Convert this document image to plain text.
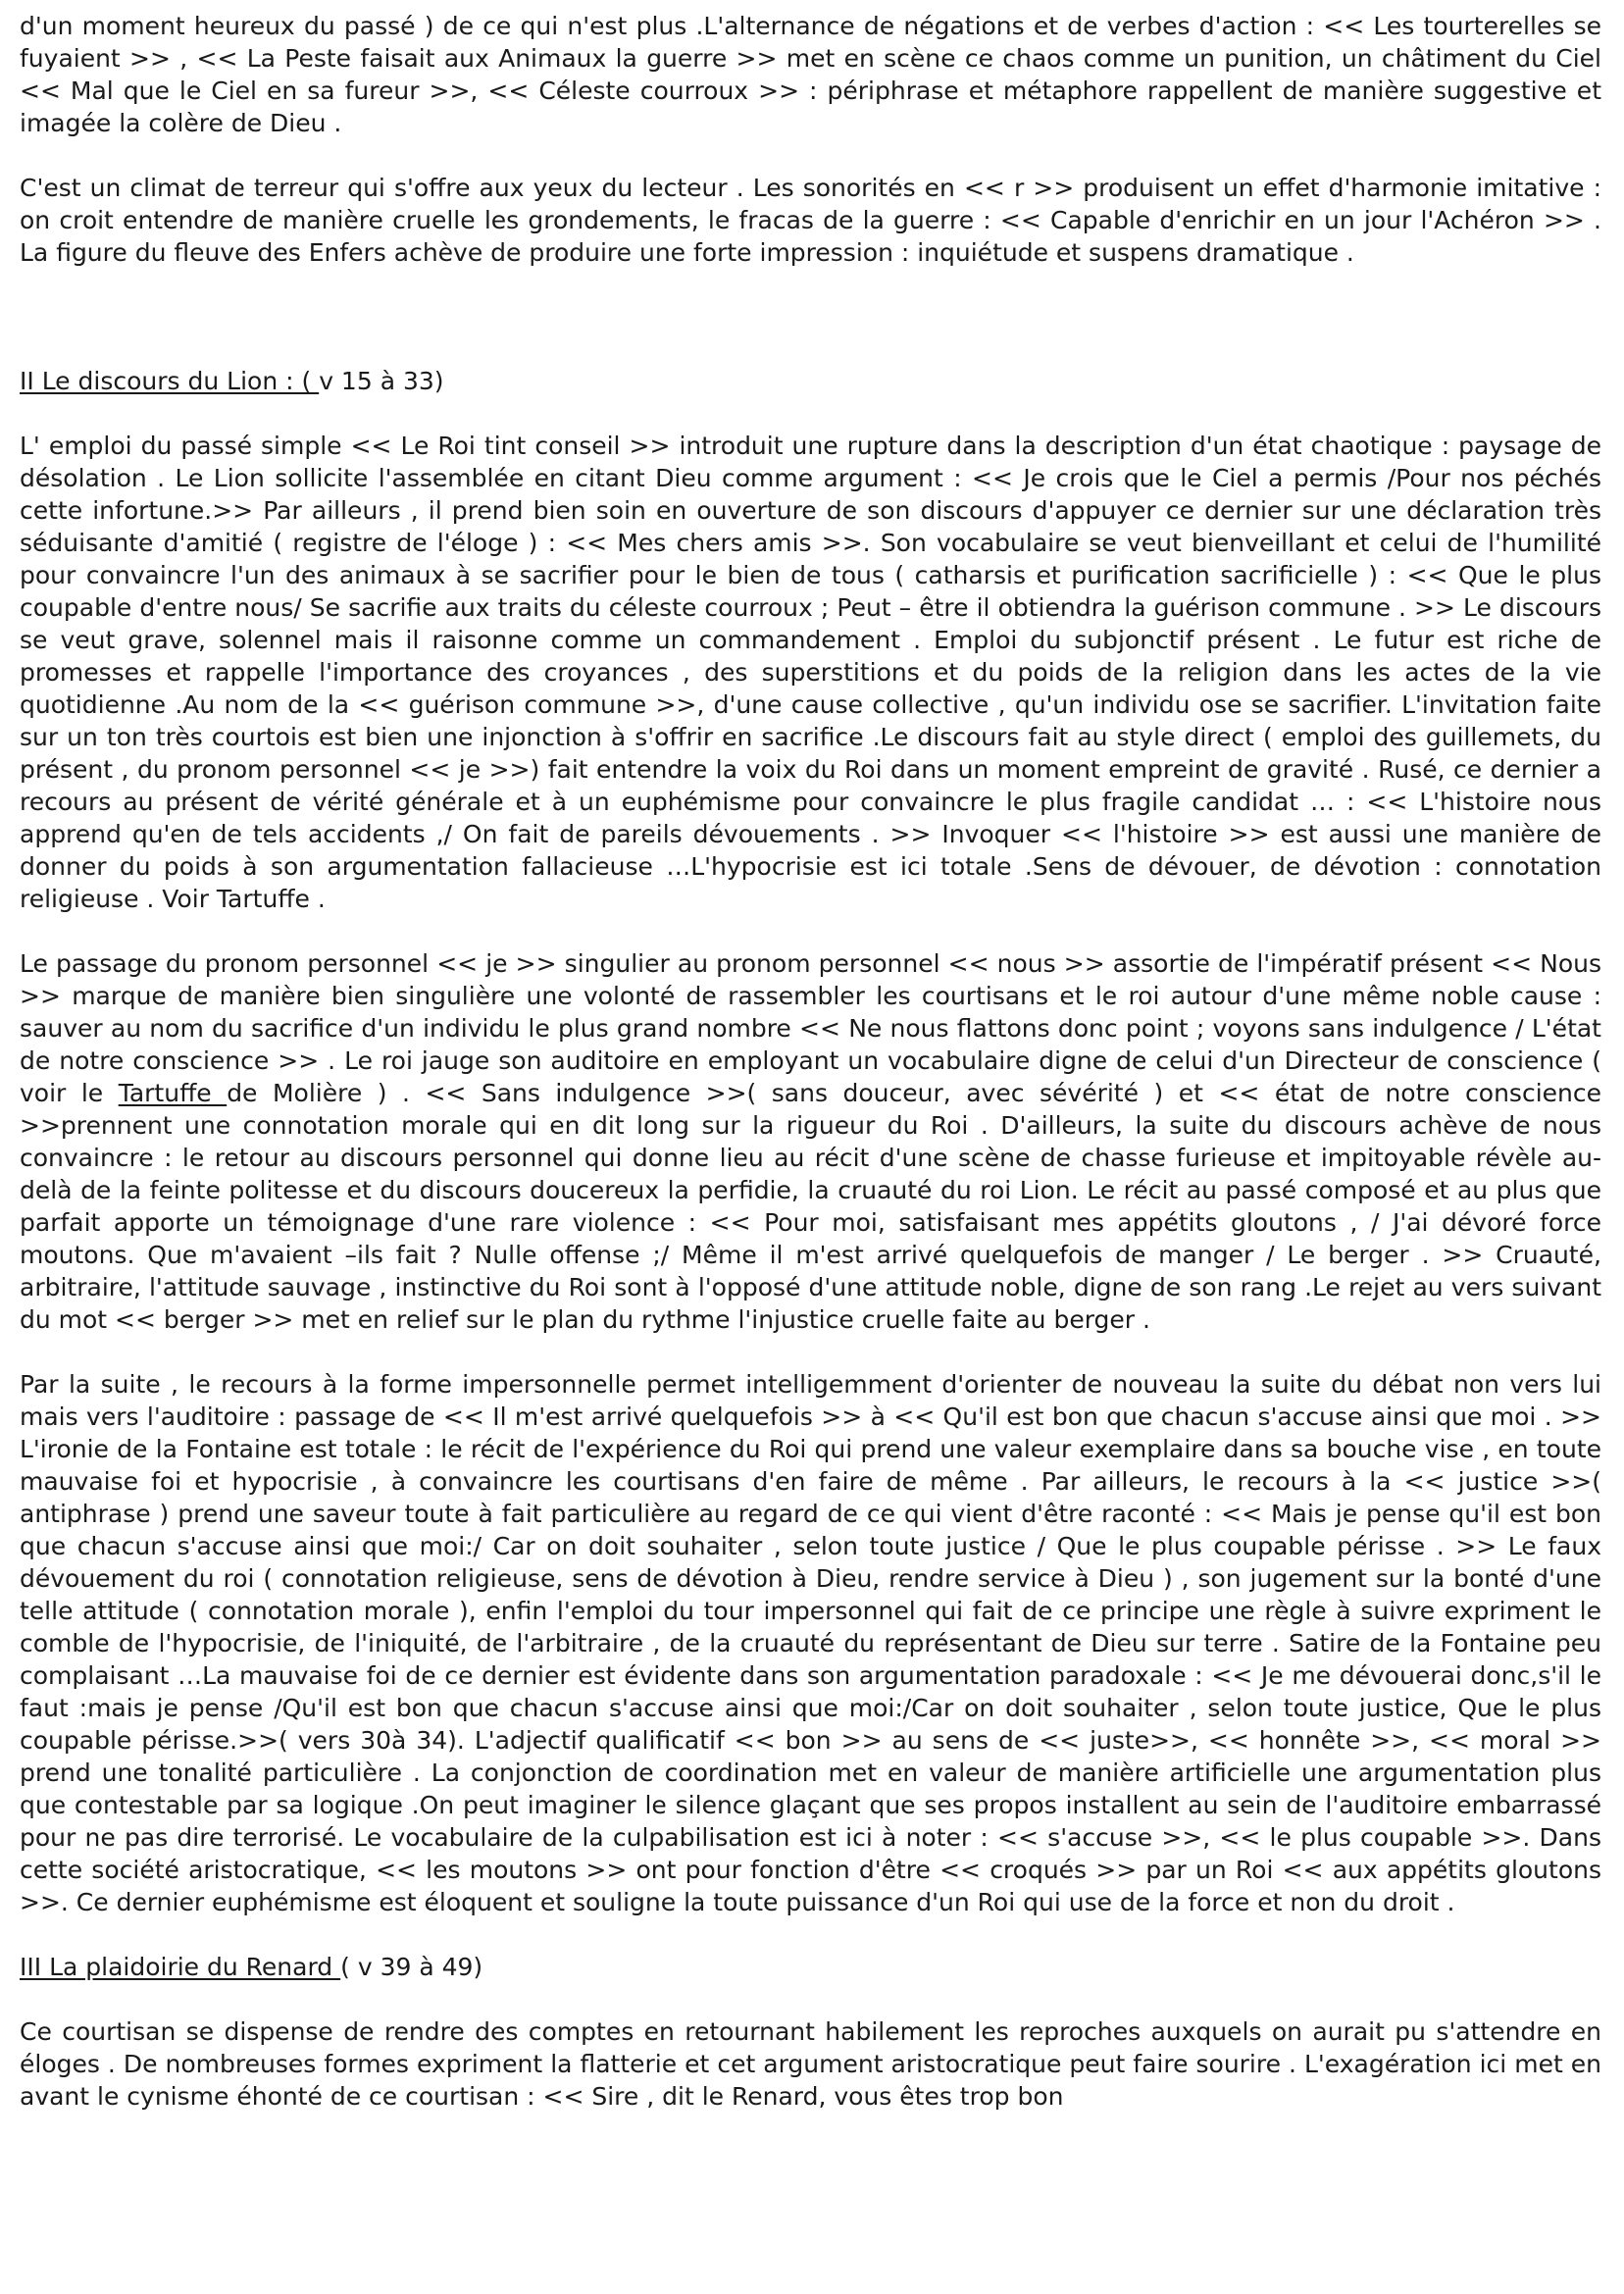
d'un moment heureux du passé ) de ce qui n'est plus .L'alternance de négations et de verbes d'action : << Les tourterelles se fuyaient >> , << La Peste faisait aux Animaux la guerre >> met en scène ce chaos comme un punition, un châtiment du Ciel << Mal que le Ciel en sa fureur >>, << Céleste courroux >> : périphrase et métaphore rappellent de manière suggestive et imagée la colère de Dieu .

C'est un climat de terreur qui s'offre aux yeux du lecteur . Les sonorités en << r >> produisent un effet d'harmonie imitative : on croit entendre de manière cruelle les grondements, le fracas de la guerre : << Capable d'enrichir en un jour l'Achéron >> . La figure du fleuve des Enfers achève de produire une forte impression : inquiétude et suspens dramatique .

II Le discours du Lion : ( v 15 à 33)

L' emploi du passé simple << Le Roi tint conseil >> introduit une rupture dans la description d'un état chaotique : paysage de désolation . Le Lion sollicite l'assemblée en citant Dieu comme argument : << Je crois que le Ciel a permis /Pour nos péchés cette infortune.>> Par ailleurs , il prend bien soin en ouverture de son discours d'appuyer ce dernier sur une déclaration très séduisante d'amitié ( registre de l'éloge ) : << Mes chers amis >>. Son vocabulaire se veut bienveillant et celui de l'humilité pour convaincre l'un des animaux à se sacrifier pour le bien de tous ( catharsis et purification sacrificielle ) : << Que le plus coupable d'entre nous/ Se sacrifie aux traits du céleste courroux ; Peut – être il obtiendra la guérison commune . >> Le discours se veut grave, solennel mais il raisonne comme un commandement . Emploi du subjonctif présent . Le futur est riche de promesses et rappelle l'importance des croyances , des superstitions et du poids de la religion dans les actes de la vie quotidienne .Au nom de la << guérison commune >>, d'une cause collective , qu'un individu ose se sacrifier. L'invitation faite sur un ton très courtois est bien une injonction à s'offrir en sacrifice .Le discours fait au style direct ( emploi des guillemets, du présent , du pronom personnel << je >>) fait entendre la voix du Roi dans un moment empreint de gravité . Rusé, ce dernier a recours au présent de vérité générale et à un euphémisme pour convaincre le plus fragile candidat … : << L'histoire nous apprend qu'en de tels accidents ,/ On fait de pareils dévouements . >> Invoquer << l'histoire >> est aussi une manière de donner du poids à son argumentation fallacieuse …L'hypocrisie est ici totale .Sens de dévouer, de dévotion : connotation religieuse . Voir Tartuffe .

Le passage du pronom personnel << je >> singulier au pronom personnel << nous >> assortie de l'impératif présent << Nous >> marque de manière bien singulière une volonté de rassembler les courtisans et le roi autour d'une même noble cause : sauver au nom du sacrifice d'un individu le plus grand nombre << Ne nous flattons donc point ; voyons sans indulgence / L'état de notre conscience >> . Le roi jauge son auditoire en employant un vocabulaire digne de celui d'un Directeur de conscience ( voir le Tartuffe de Molière ) . << Sans indulgence >>( sans douceur, avec sévérité ) et << état de notre conscience >>prennent une connotation morale qui en dit long sur la rigueur du Roi . D'ailleurs, la suite du discours achève de nous convaincre : le retour au discours personnel qui donne lieu au récit d'une scène de chasse furieuse et impitoyable révèle au-delà de la feinte politesse et du discours doucereux la perfidie, la cruauté du roi Lion. Le récit au passé composé et au plus que parfait apporte un témoignage d'une rare violence : << Pour moi, satisfaisant mes appétits gloutons , / J'ai dévoré force moutons. Que m'avaient –ils fait ? Nulle offense ;/ Même il m'est arrivé quelquefois de manger / Le berger . >> Cruauté, arbitraire, l'attitude sauvage , instinctive du Roi sont à l'opposé d'une attitude noble, digne de son rang .Le rejet au vers suivant du mot << berger >> met en relief sur le plan du rythme l'injustice cruelle faite au berger .

Par la suite , le recours à la forme impersonnelle permet intelligemment d'orienter de nouveau la suite du débat non vers lui mais vers l'auditoire : passage de << Il m'est arrivé quelquefois >> à << Qu'il est bon que chacun s'accuse ainsi que moi . >> L'ironie de la Fontaine est totale : le récit de l'expérience du Roi qui prend une valeur exemplaire dans sa bouche vise , en toute mauvaise foi et hypocrisie , à convaincre les courtisans d'en faire de même . Par ailleurs, le recours à la << justice >>( antiphrase ) prend une saveur toute à fait particulière au regard de ce qui vient d'être raconté : << Mais je pense qu'il est bon que chacun s'accuse ainsi que moi:/ Car on doit souhaiter , selon toute justice / Que le plus coupable périsse . >> Le faux dévouement du roi ( connotation religieuse, sens de dévotion à Dieu, rendre service à Dieu ) , son jugement sur la bonté d'une telle attitude ( connotation morale ), enfin l'emploi du tour impersonnel qui fait de ce principe une règle à suivre expriment le comble de l'hypocrisie, de l'iniquité, de l'arbitraire , de la cruauté du représentant de Dieu sur terre . Satire de la Fontaine peu complaisant …La mauvaise foi de ce dernier est évidente dans son argumentation paradoxale : << Je me dévouerai donc,s'il le faut :mais je pense /Qu'il est bon que chacun s'accuse ainsi que moi:/Car on doit souhaiter , selon toute justice, Que le plus coupable périsse.>>( vers 30à 34). L'adjectif qualificatif << bon >> au sens de << juste>>, << honnête >>, << moral >> prend une tonalité particulière . La conjonction de coordination met en valeur de manière artificielle une argumentation plus que contestable par sa logique .On peut imaginer le silence glaçant que ses propos installent au sein de l'auditoire embarrassé pour ne pas dire terrorisé. Le vocabulaire de la culpabilisation est ici à noter : << s'accuse >>, << le plus coupable >>. Dans cette société aristocratique, << les moutons >> ont pour fonction d'être << croqués >> par un Roi << aux appétits gloutons >>. Ce dernier euphémisme est éloquent et souligne la toute puissance d'un Roi qui use de la force et non du droit .

III La plaidoirie du Renard ( v 39 à 49)

Ce courtisan se dispense de rendre des comptes en retournant habilement les reproches auxquels on aurait pu s'attendre en éloges . De nombreuses formes expriment la flatterie et cet argument aristocratique peut faire sourire . L'exagération ici met en avant le cynisme éhonté de ce courtisan : << Sire , dit le Renard, vous êtes trop bon
